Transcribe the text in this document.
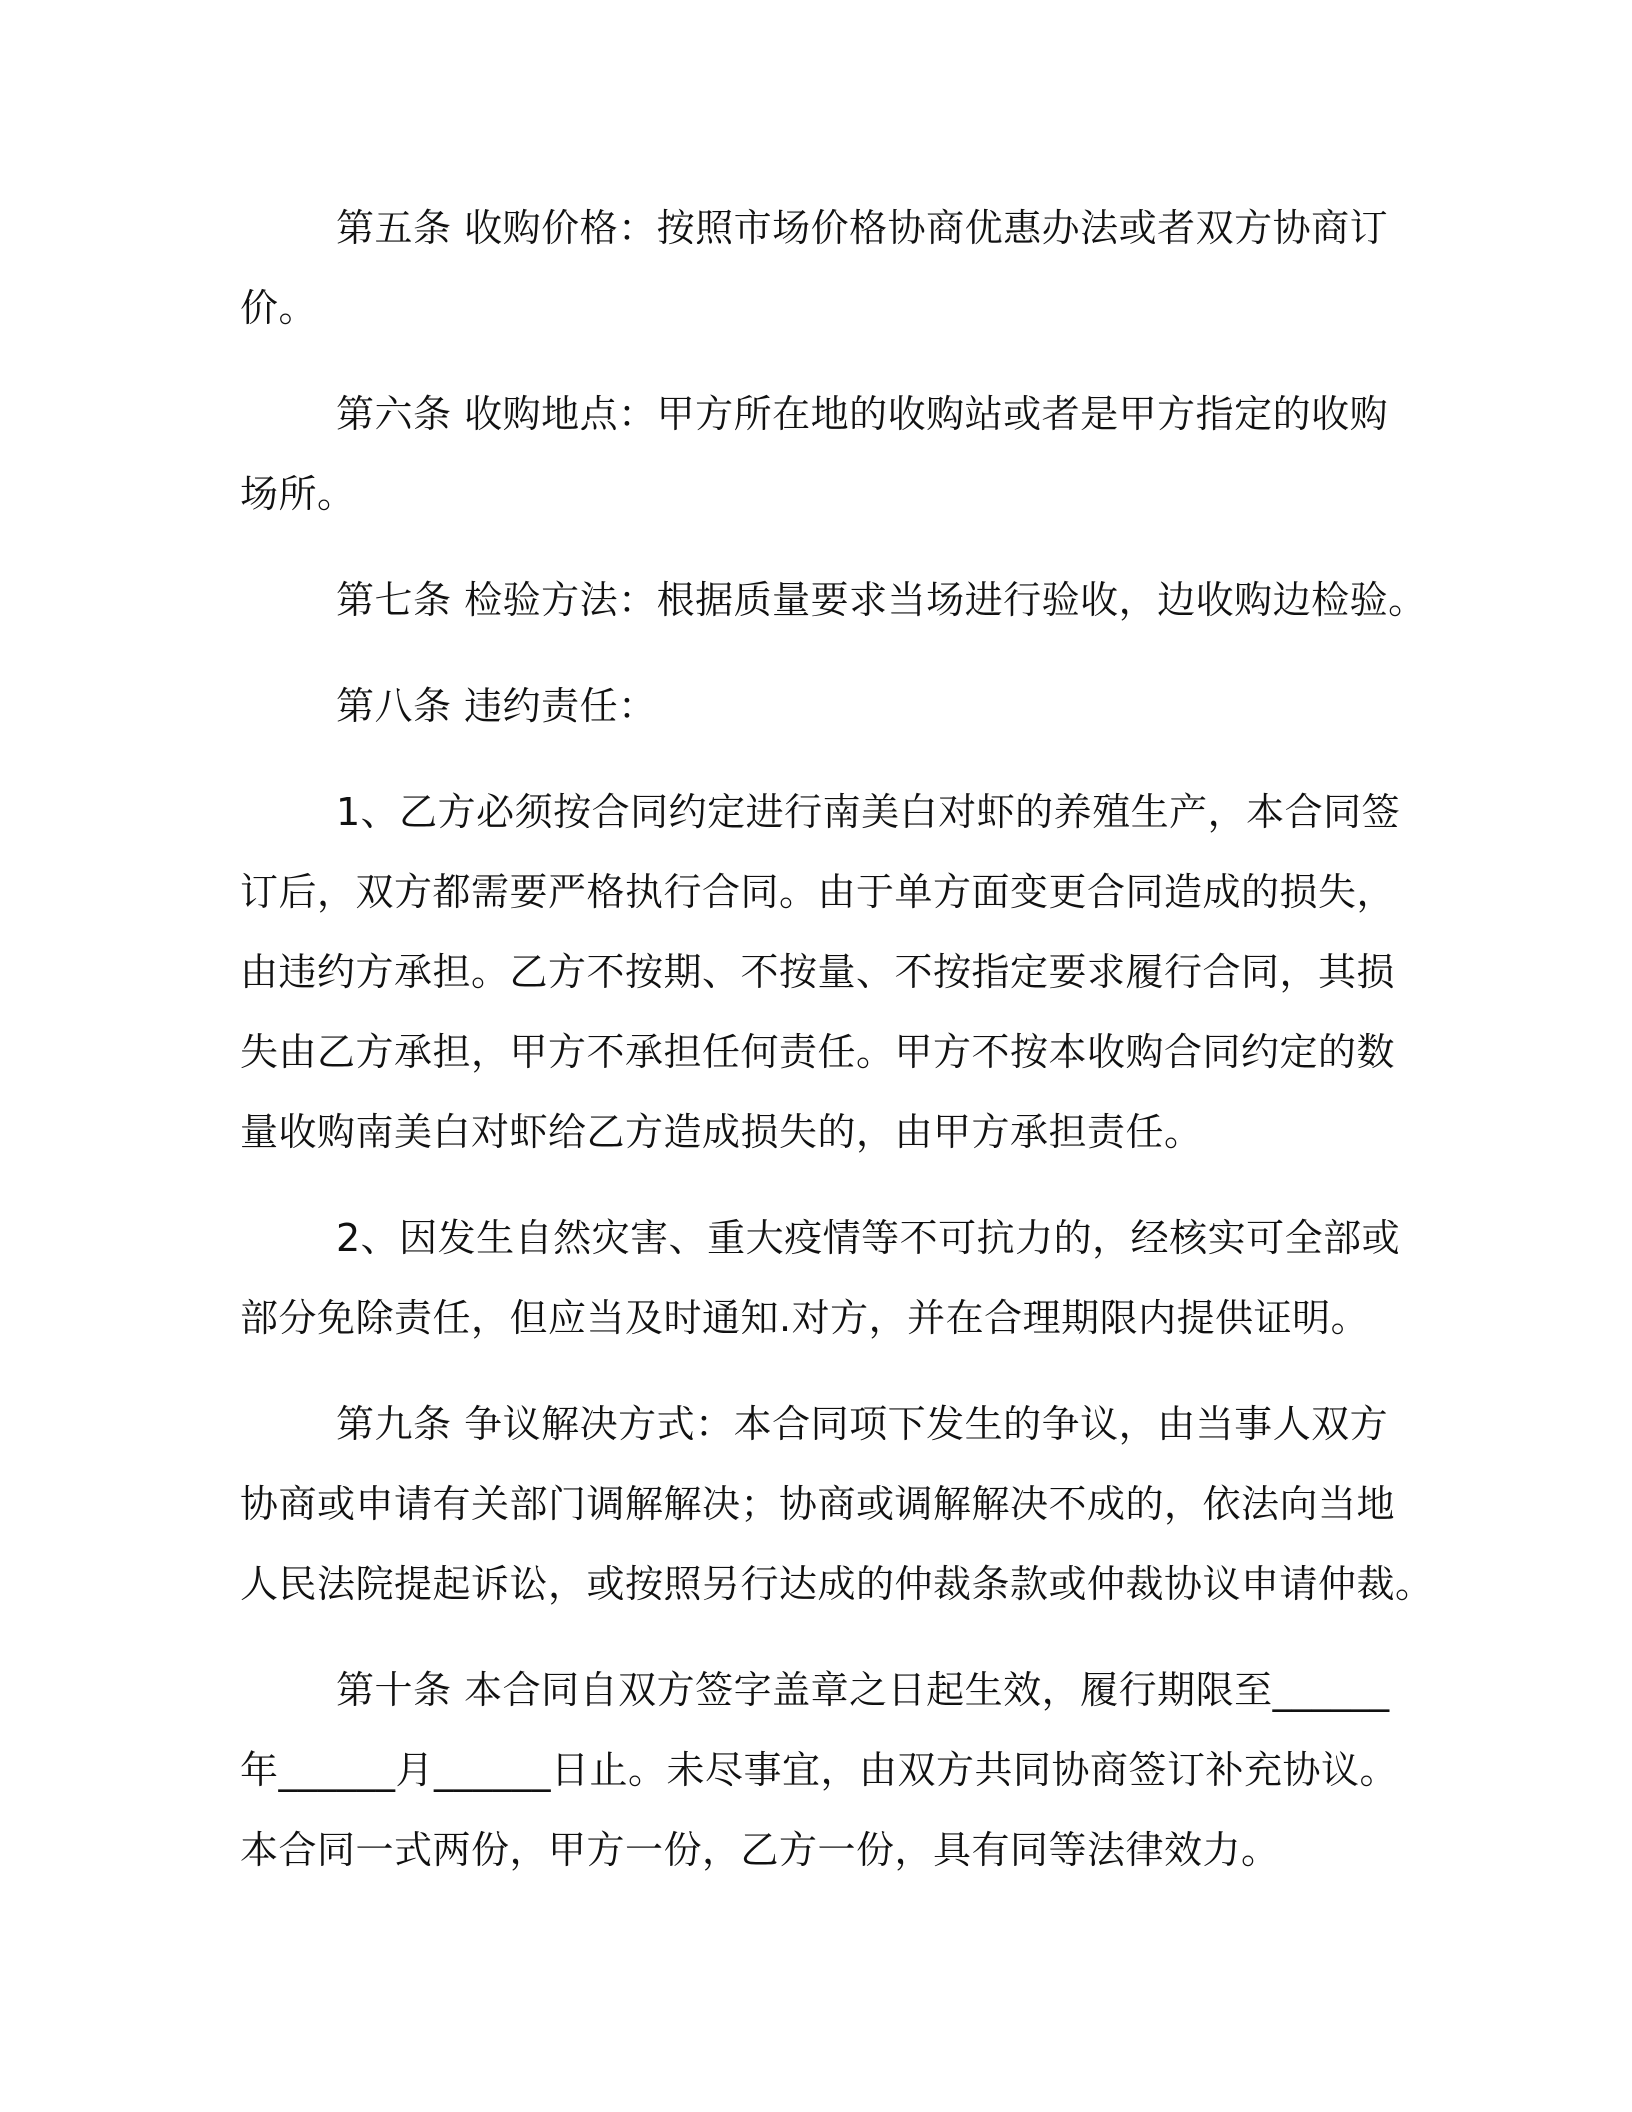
第五条 收购价格：按照市场价格协商优惠办法或者双方协商订
价。
第六条 收购地点：甲方所在地的收购站或者是甲方指定的收购
场所。
第七条 检验方法：根据质量要求当场进行验收，边收购边检验。
第八条 违约责任：
1、乙方必须按合同约定进行南美白对虾的养殖生产，本合同签
订后，双方都需要严格执行合同。由于单方面变更合同造成的损失，
由违约方承担。乙方不按期、不按量、不按指定要求履行合同，其损
失由乙方承担，甲方不承担任何责任。甲方不按本收购合同约定的数
量收购南美白对虾给乙方造成损失的，由甲方承担责任。
2、因发生自然灾害、重大疫情等不可抗力的，经核实可全部或
部分免除责任，但应当及时通知.对方，并在合理期限内提供证明。
第九条 争议解决方式：本合同项下发生的争议，由当事人双方
协商或申请有关部门调解解决；协商或调解解决不成的，依法向当地
人民法院提起诉讼，或按照另行达成的仲裁条款或仲裁协议申请仲裁。
第十条 本合同自双方签字盖章之日起生效，履行期限至______
年______月______日止。未尽事宜，由双方共同协商签订补充协议。
本合同一式两份，甲方一份，乙方一份，具有同等法律效力。
